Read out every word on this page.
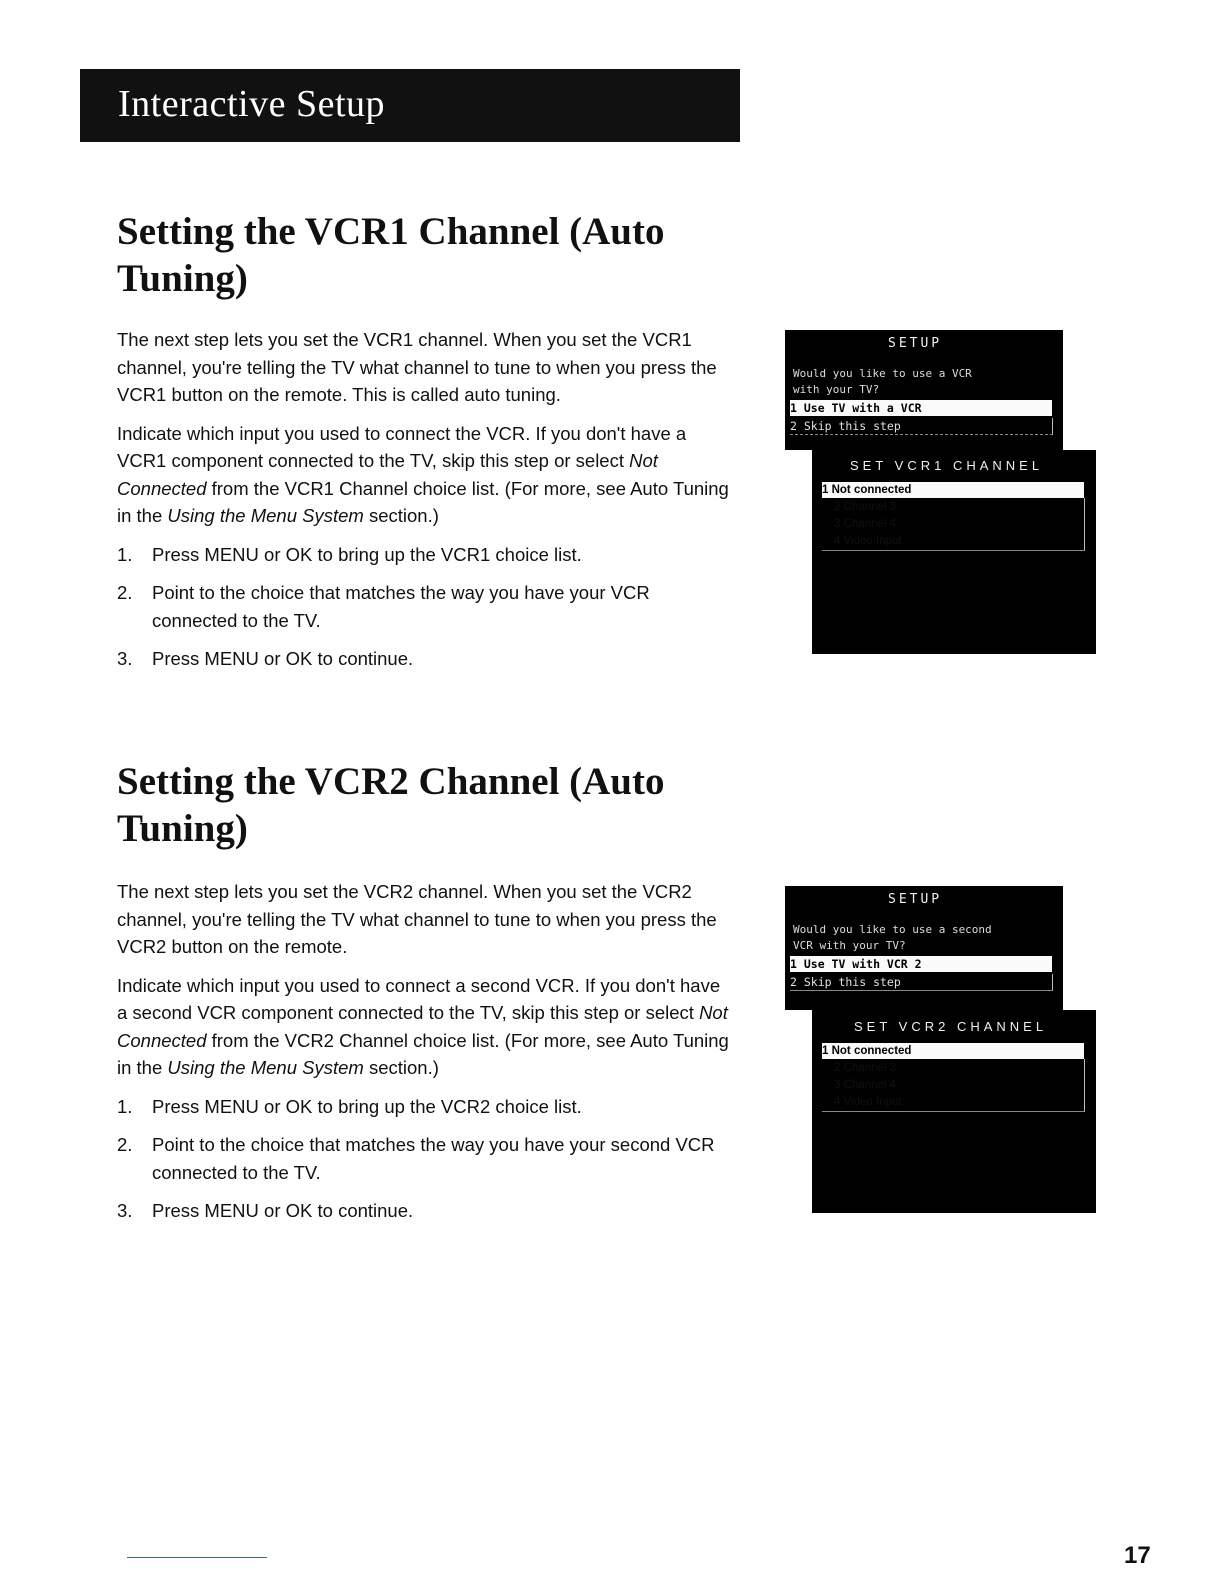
Interactive Setup
Setting the VCR1 Channel (Auto Tuning)

The next step lets you set the VCR1 channel. When you set the VCR1 channel, you're telling the TV what channel to tune to when you press the VCR1 button on the remote. This is called auto tuning.

Indicate which input you used to connect the VCR. If you don't have a VCR1 component connected to the TV, skip this step or select Not Connected from the VCR1 Channel choice list. (For more, see Auto Tuning in the Using the Menu System section.)

1. Press MENU or OK to bring up the VCR1 choice list.
2. Point to the choice that matches the way you have your VCR connected to the TV.
3. Press MENU or OK to continue.
SETUP
Would you like to use a VCR
with your TV?
1 Use TV with a VCR
2 Skip this step
SET VCR1 CHANNEL
1 Not connected
2 Channel 3
3 Channel 4
4 Video Input
Setting the VCR2 Channel (Auto Tuning)

The next step lets you set the VCR2 channel. When you set the VCR2 channel, you're telling the TV what channel to tune to when you press the VCR2 button on the remote.

Indicate which input you used to connect a second VCR. If you don't have a second VCR component connected to the TV, skip this step or select Not Connected from the VCR2 Channel choice list. (For more, see Auto Tuning in the Using the Menu System section.)

1. Press MENU or OK to bring up the VCR2 choice list.
2. Point to the choice that matches the way you have your second VCR connected to the TV.
3. Press MENU or OK to continue.
SETUP
Would you like to use a second
VCR with your TV?
1 Use TV with VCR 2
2 Skip this step
SET VCR2 CHANNEL
1 Not connected
2 Channel 3
3 Channel 4
4 Video Input
17
